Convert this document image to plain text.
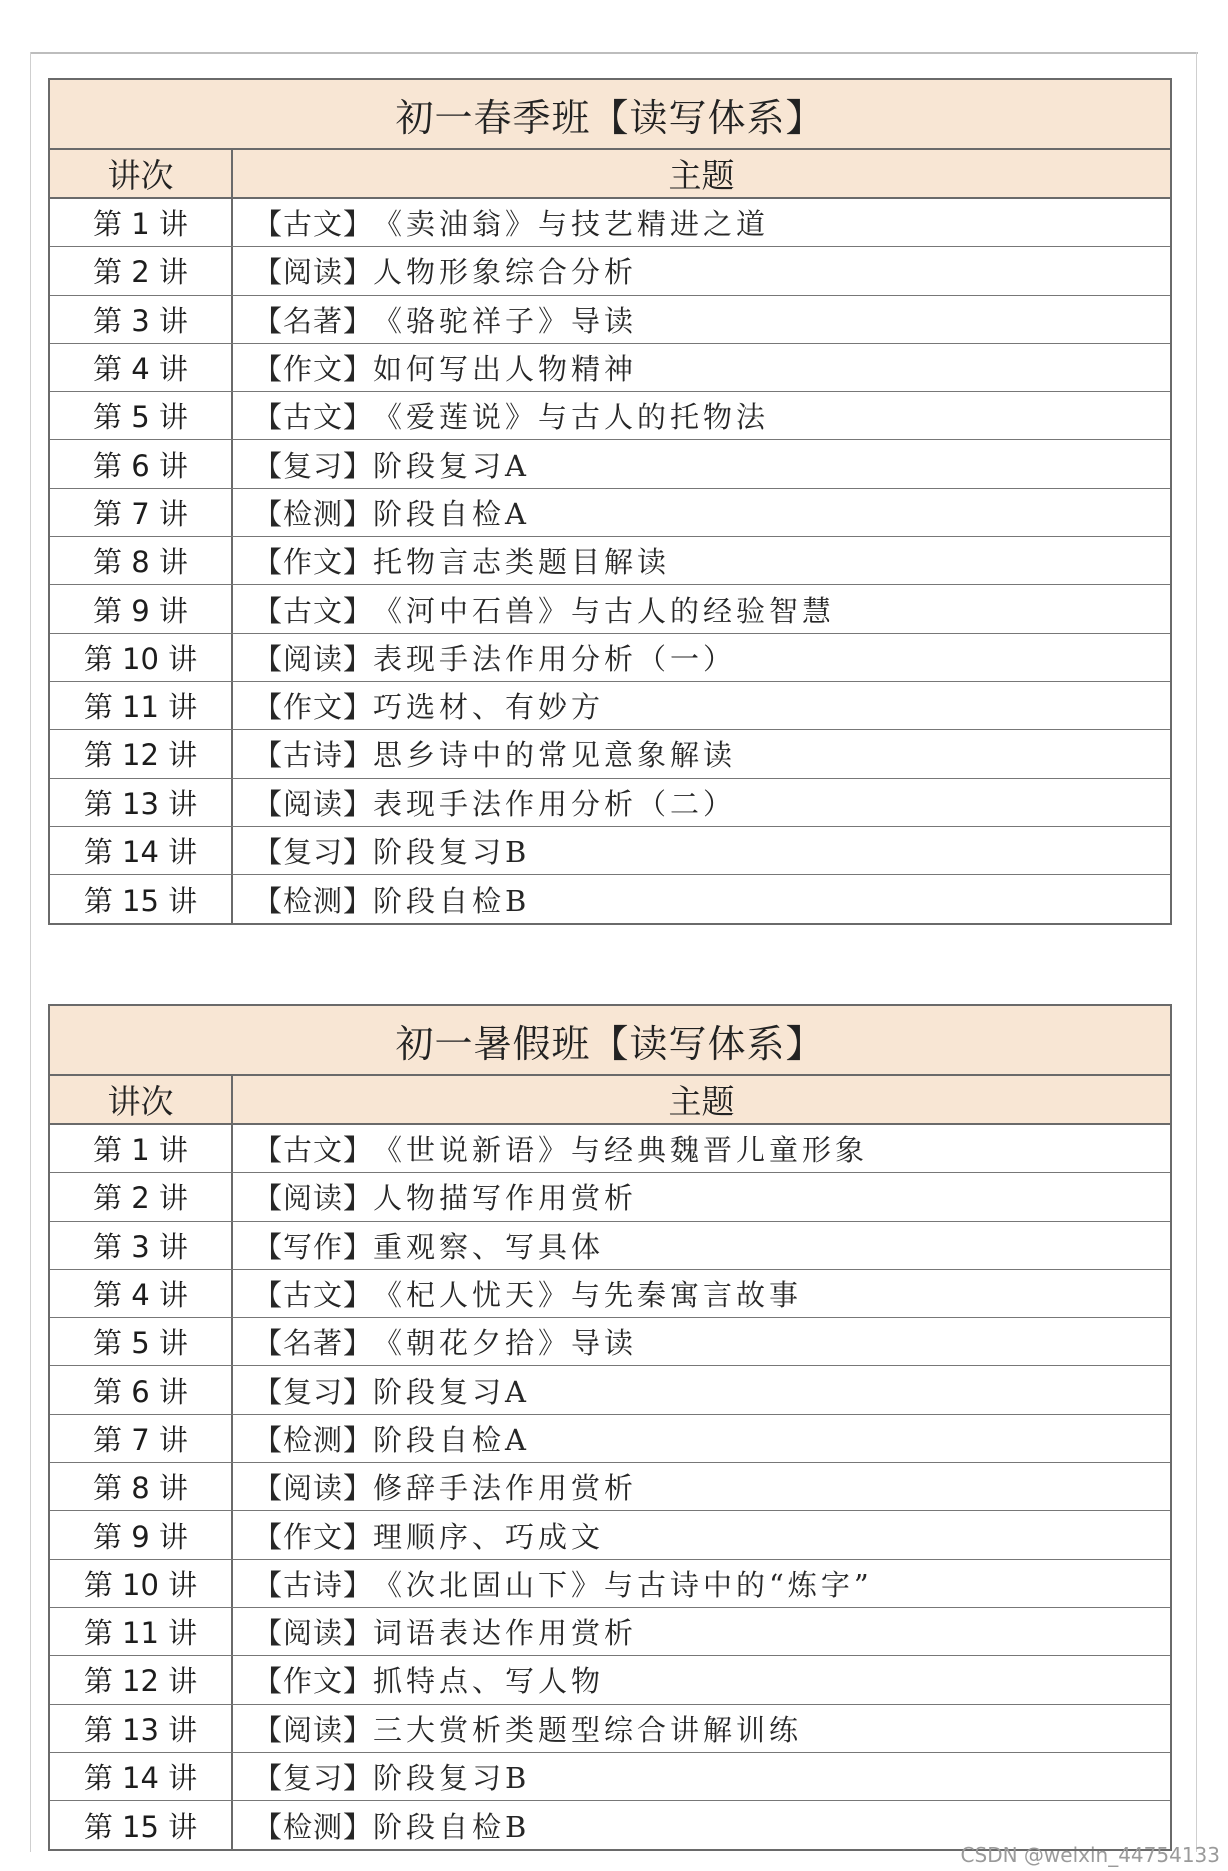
初一春季班【读写体系】
讲次	主题
第 1 讲	【古文】 《卖油翁》与技艺精进之道
第 2 讲	【阅读】 人物形象综合分析
第 3 讲	【名著】 《骆驼祥子》导读
第 4 讲	【作文】 如何写出人物精神
第 5 讲	【古文】 《爱莲说》与古人的托物法
第 6 讲	【复习】 阶段复习A
第 7 讲	【检测】 阶段自检A
第 8 讲	【作文】 托物言志类题目解读
第 9 讲	【古文】 《河中石兽》与古人的经验智慧
第 10 讲	【阅读】 表现手法作用分析（一）
第 11 讲	【作文】 巧选材、有妙方
第 12 讲	【古诗】 思乡诗中的常见意象解读
第 13 讲	【阅读】 表现手法作用分析（二）
第 14 讲	【复习】 阶段复习B
第 15 讲	【检测】 阶段自检B
初一暑假班【读写体系】
讲次	主题
第 1 讲	【古文】 《世说新语》与经典魏晋儿童形象
第 2 讲	【阅读】 人物描写作用赏析
第 3 讲	【写作】 重观察、写具体
第 4 讲	【古文】 《杞人忧天》与先秦寓言故事
第 5 讲	【名著】 《朝花夕拾》导读
第 6 讲	【复习】 阶段复习A
第 7 讲	【检测】 阶段自检A
第 8 讲	【阅读】 修辞手法作用赏析
第 9 讲	【作文】 理顺序、巧成文
第 10 讲	【古诗】 《次北固山下》与古诗中的“炼字”
第 11 讲	【阅读】 词语表达作用赏析
第 12 讲	【作文】 抓特点、写人物
第 13 讲	【阅读】 三大赏析类题型综合讲解训练
第 14 讲	【复习】 阶段复习B
第 15 讲	【检测】 阶段自检B
CSDN @weixin_44754133
